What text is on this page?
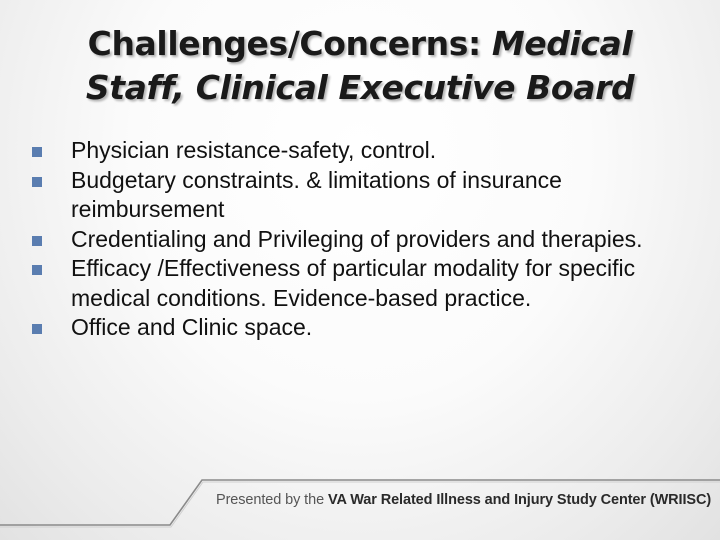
Challenges/Concerns: Medical
Staff, Clinical Executive Board
Physician resistance-safety, control.
Budgetary constraints. & limitations of insurance reimbursement
Credentialing and Privileging of providers and therapies.
Efficacy /Effectiveness of particular modality for specific medical conditions. Evidence-based practice.
Office and Clinic space.
Presented by the VA War Related Illness and Injury Study Center (WRIISC)
